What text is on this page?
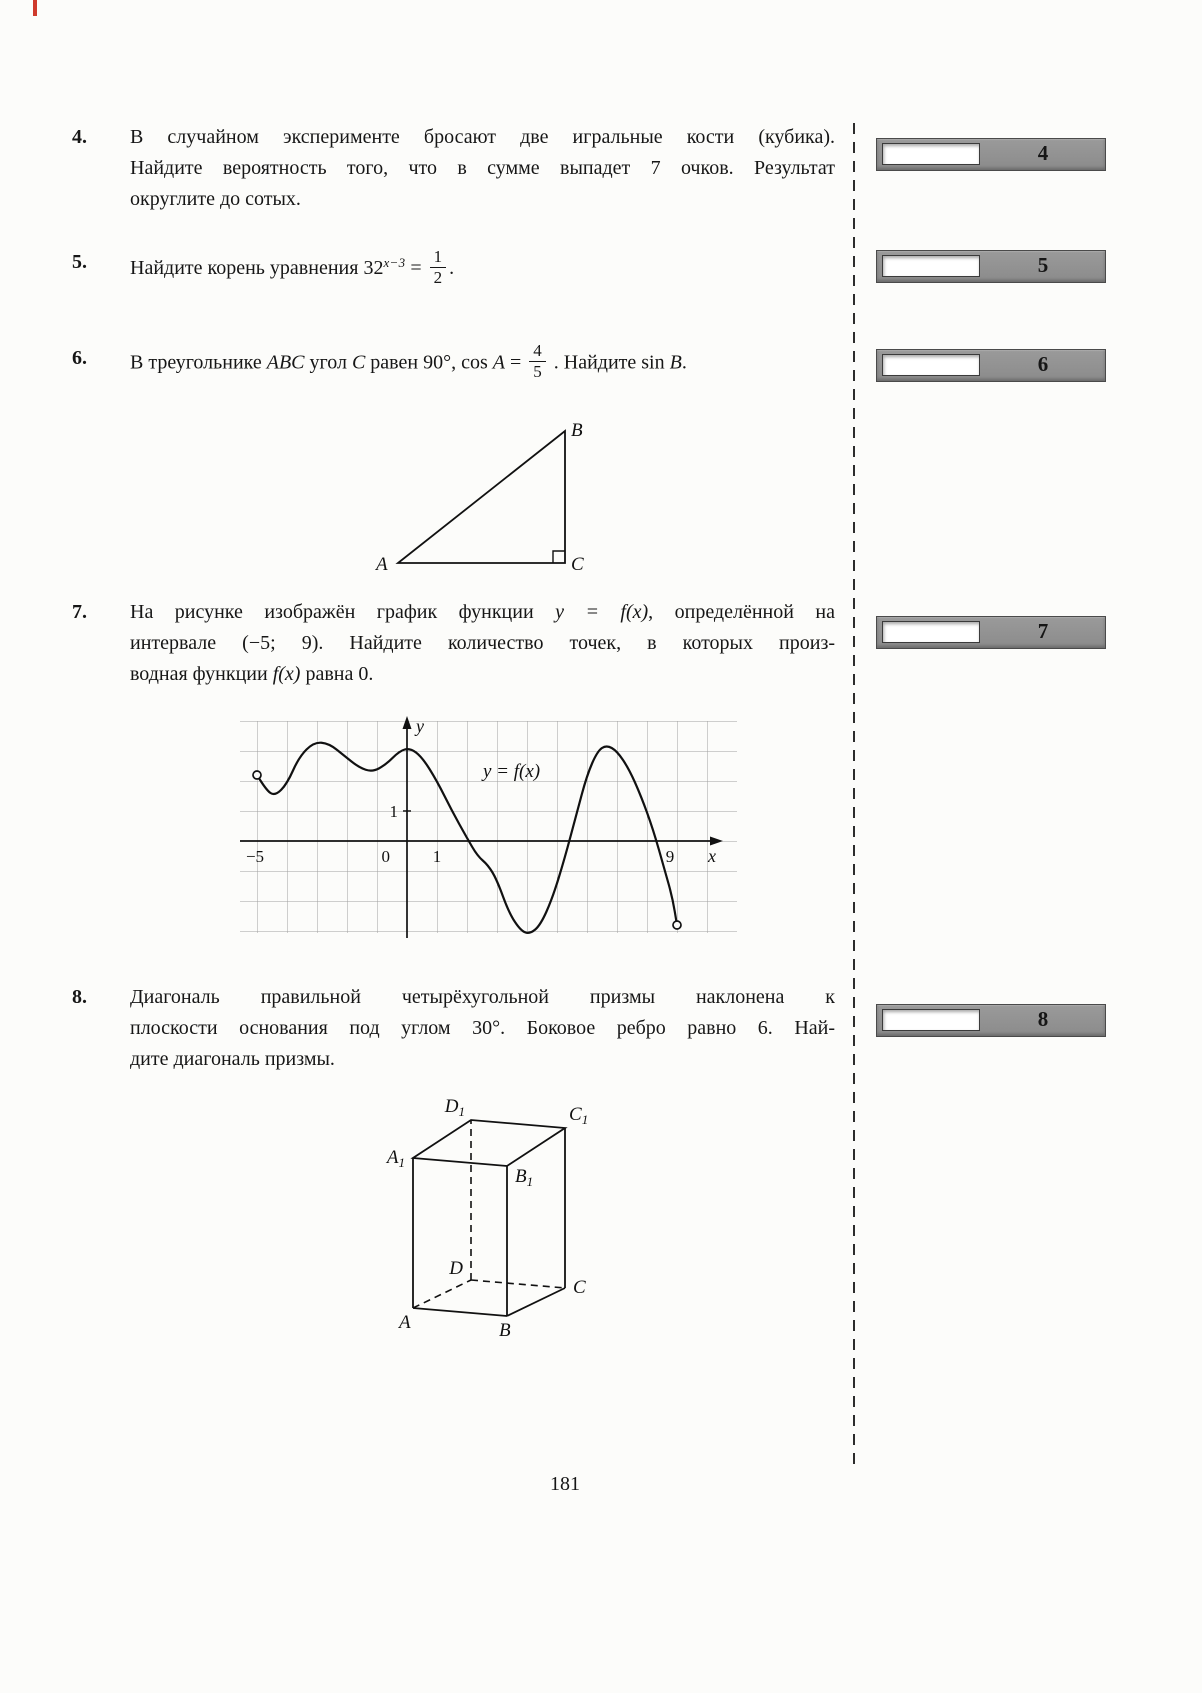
4. В случайном эксперименте бросают две игральные кости (кубика).
Найдите вероятность того, что в сумме выпадет 7 очков. Результат
округлите до сотых.
5. Найдите корень уравнения $32^{x-3} = \frac{1}{2}$ .
6. В треугольнике ABC угол C равен 90°, $\cos A = \frac{4}{5}$ . Найдите sin B.
A
B
C
7. На рисунке изображён график функции y = f(x), определённой на
интервале (−5; 9). Найдите количество точек, в которых произ-
водная функции f(x) равна 0.
y
x
0
1
1
−5	9
y = f(x)
8. Диагональ правильной четырёхугольной призмы наклонена к
плоскости основания под углом 30°. Боковое ребро равно 6. Най-
дите диагональ призмы.
$A_1$
$B_1$
$C_1$
$D_1$
A	B
C
D
4
5
6
7
8
181
